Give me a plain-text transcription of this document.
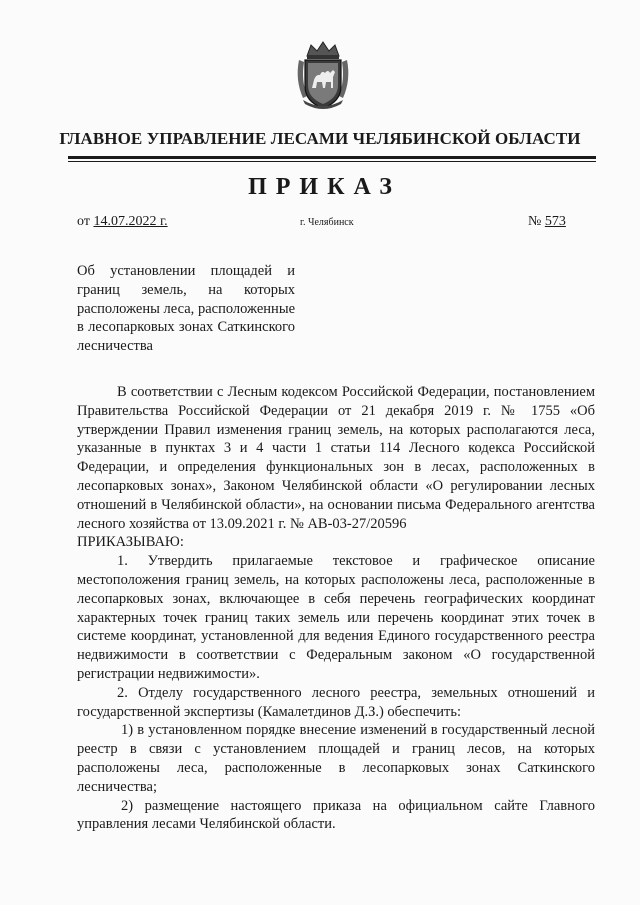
ГЛАВНОЕ УПРАВЛЕНИЕ ЛЕСАМИ ЧЕЛЯБИНСКОЙ ОБЛАСТИ
ПРИКАЗ
от 14.07.2022 г.	г. Челябинск	№ 573
Об установлении площадей и границ земель, на которых расположены леса, расположенные в лесопарковых зонах Саткинского лесничества

В соответствии с Лесным кодексом Российской Федерации, постановлением Правительства Российской Федерации от 21 декабря 2019 г. № 1755 «Об утверждении Правил изменения границ земель, на которых располагаются леса, указанные в пунктах 3 и 4 части 1 статьи 114 Лесного кодекса Российской Федерации, и определения функциональных зон в лесах, расположенных в лесопарковых зонах», Законом Челябинской области «О регулировании лесных отношений в Челябинской области», на основании письма Федерального агентства лесного хозяйства от 13.09.2021 г. № АВ-03-27/20596

ПРИКАЗЫВАЮ:

1. Утвердить прилагаемые текстовое и графическое описание местоположения границ земель, на которых расположены леса, расположенные в лесопарковых зонах, включающее в себя перечень географических координат характерных точек границ таких земель или перечень координат этих точек в системе координат, установленной для ведения Единого государственного реестра недвижимости в соответствии с Федеральным законом «О государственной регистрации недвижимости».

2. Отделу государственного лесного реестра, земельных отношений и государственной экспертизы (Камалетдинов Д.З.) обеспечить:

1) в установленном порядке внесение изменений в государственный лесной реестр в связи с установлением площадей и границ лесов, на которых расположены леса, расположенные в лесопарковых зонах Саткинского лесничества;

2) размещение настоящего приказа на официальном сайте Главного управления лесами Челябинской области.
